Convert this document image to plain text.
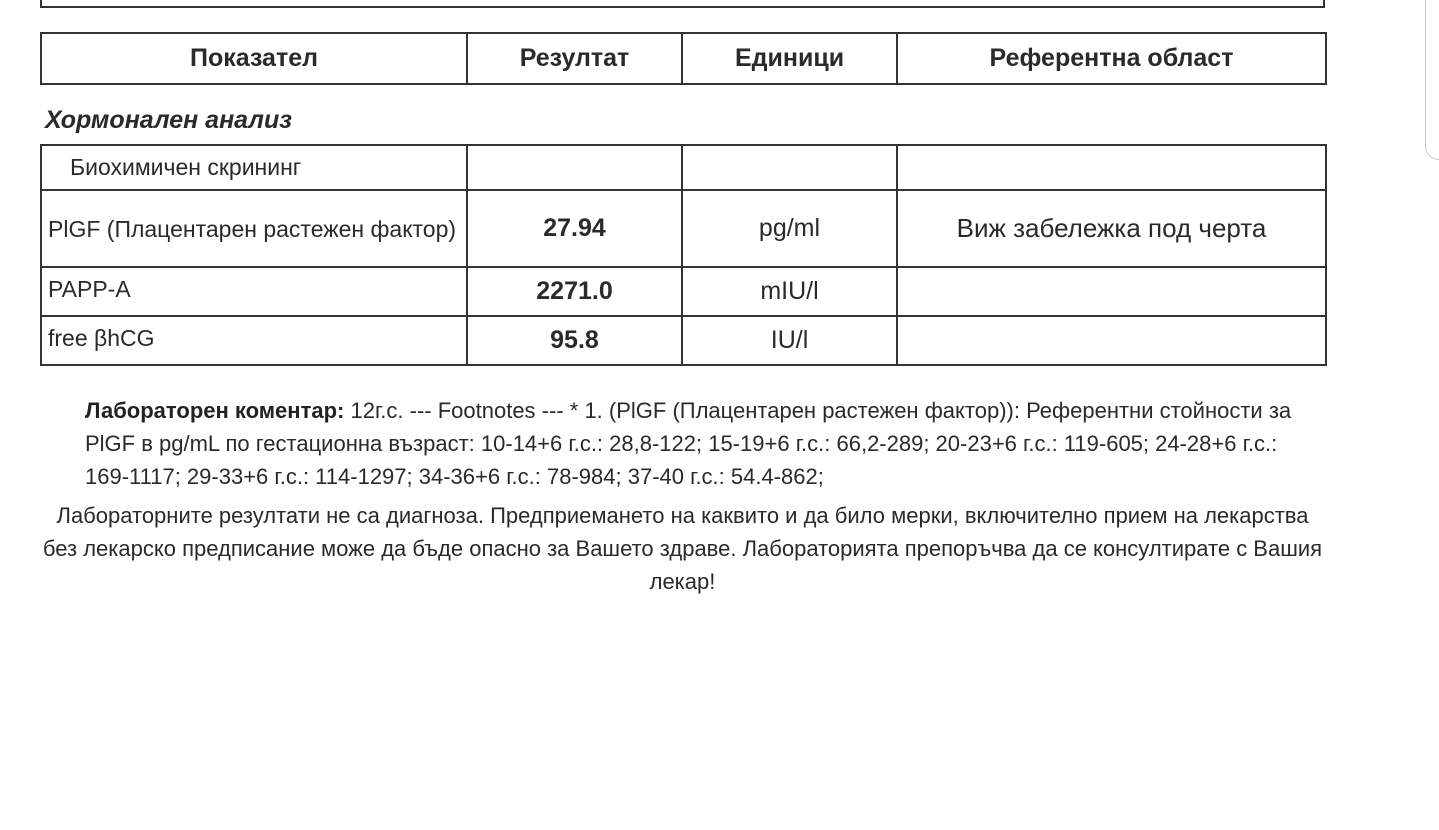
Показател	Резултат	Единици	Референтна област
Хормонален анализ
Биохимичен скрининг			
PlGF (Плацентарен растежен фактор)	27.94	pg/ml	Виж забележка под черта
PAPP-A	2271.0	mIU/l	
free βhCG	95.8	IU/l	

Лабораторен коментар: 12г.с. --- Footnotes --- * 1. (PlGF (Плацентарен растежен фактор)): Референтни стойности за PlGF в pg/mL по гестационна възраст: 10-14+6 г.с.: 28,8-122; 15-19+6 г.с.: 66,2-289; 20-23+6 г.с.: 119-605; 24-28+6 г.с.: 169-1117; 29-33+6 г.с.: 114-1297; 34-36+6 г.с.: 78-984; 37-40 г.с.: 54.4-862;

Лабораторните резултати не са диагноза. Предприемането на каквито и да било мерки, включително прием на лекарства без лекарско предписание може да бъде опасно за Вашето здраве. Лабораторията препоръчва да се консултирате с Вашия лекар!
